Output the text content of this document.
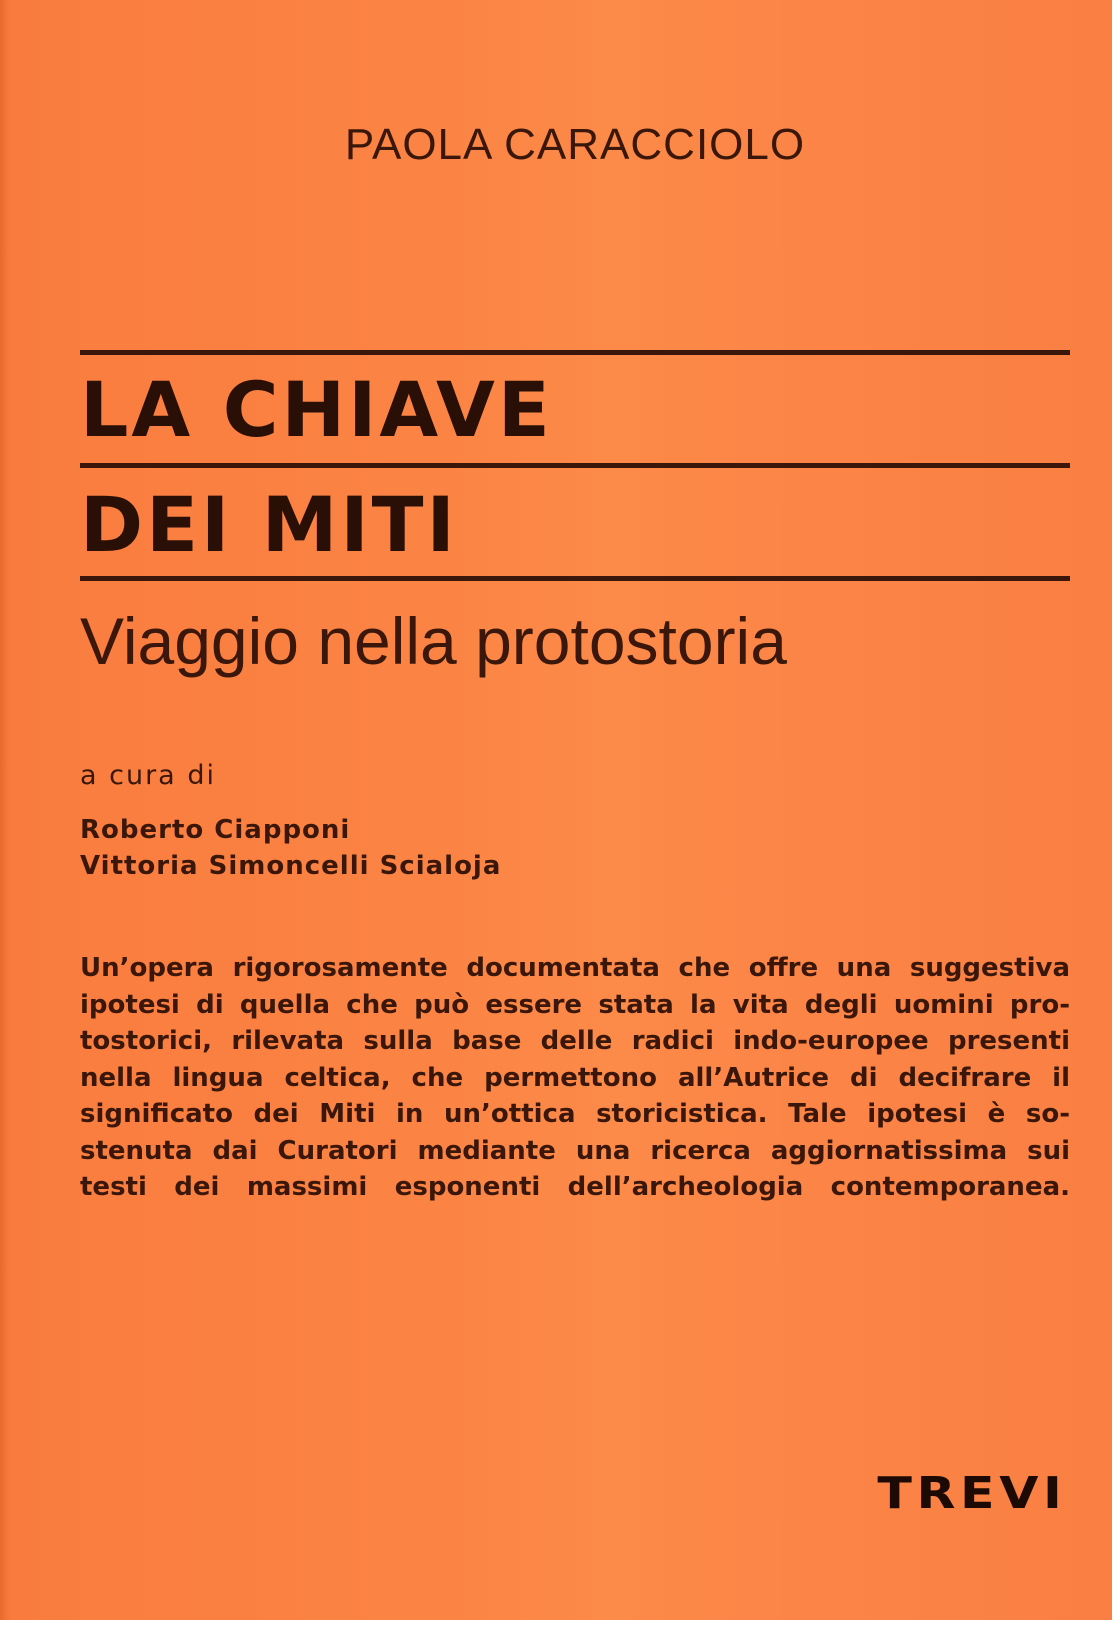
PAOLA CARACCIOLO
LA CHIAVE
DEI MITI
Viaggio nella protostoria
a cura di
Roberto Ciapponi
Vittoria Simoncelli Scialoja
Un’opera rigorosamente documentata che offre una suggestiva
ipotesi di quella che può essere stata la vita degli uomini pro-
tostorici, rilevata sulla base delle radici indo-europee presenti
nella lingua celtica, che permettono all’Autrice di decifrare il
significato dei Miti in un’ottica storicistica. Tale ipotesi è so-
stenuta dai Curatori mediante una ricerca aggiornatissima sui
testi dei massimi esponenti dell’archeologia contemporanea.
TREVI
